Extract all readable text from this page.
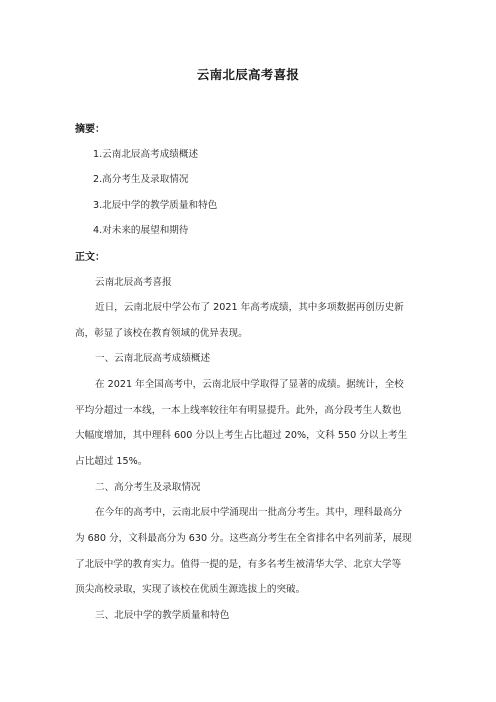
云南北辰高考喜报
摘要：
1.云南北辰高考成绩概述
2.高分考生及录取情况
3.北辰中学的教学质量和特色
4.对未来的展望和期待
正文：
云南北辰高考喜报
近日，云南北辰中学公布了 2021 年高考成绩，其中多项数据再创历史新
高，彰显了该校在教育领域的优异表现。
一、云南北辰高考成绩概述
在 2021 年全国高考中，云南北辰中学取得了显著的成绩。据统计，全校
平均分超过一本线，一本上线率较往年有明显提升。此外，高分段考生人数也
大幅度增加，其中理科 600 分以上考生占比超过 20%，文科 550 分以上考生
占比超过 15%。
二、高分考生及录取情况
在今年的高考中，云南北辰中学涌现出一批高分考生。其中，理科最高分
为 680 分，文科最高分为 630 分。这些高分考生在全省排名中名列前茅，展现
了北辰中学的教育实力。值得一提的是，有多名考生被清华大学、北京大学等
顶尖高校录取，实现了该校在优质生源选拔上的突破。
三、北辰中学的教学质量和特色
